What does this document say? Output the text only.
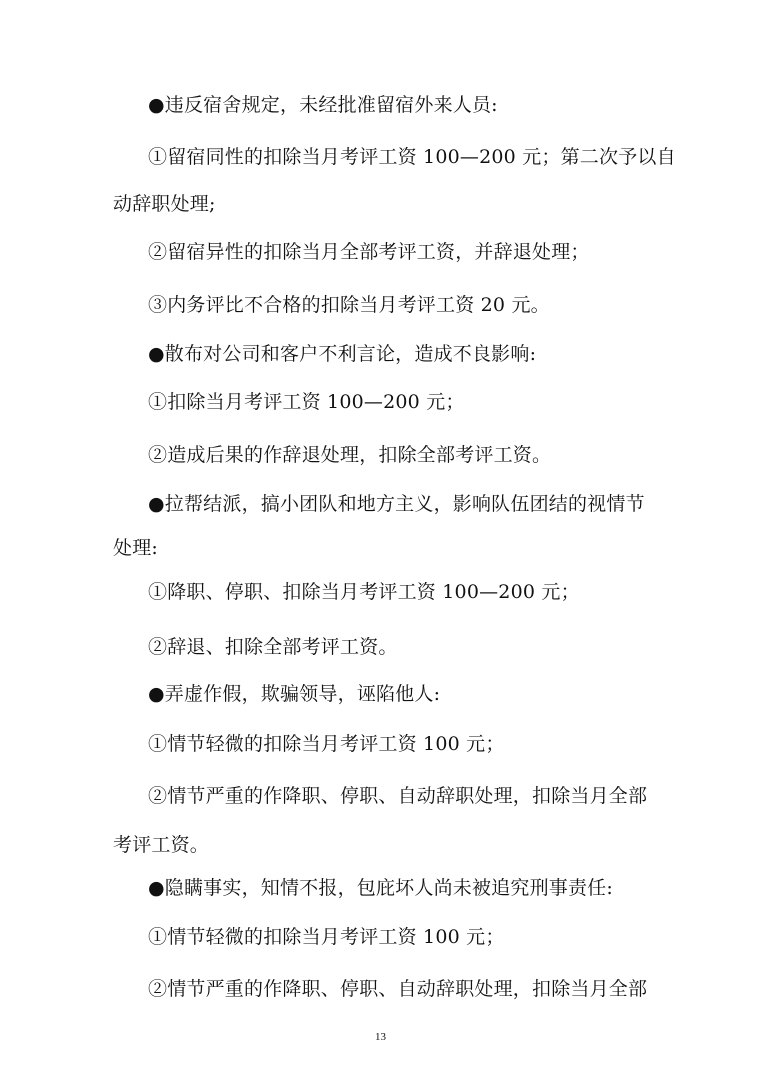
●违反宿舍规定，未经批准留宿外来人员:
①留宿同性的扣除当月考评工资 100—200 元；第二次予以自
动辞职处理;
②留宿异性的扣除当月全部考评工资，并辞退处理；
③内务评比不合格的扣除当月考评工资 20 元。
●散布对公司和客户不利言论，造成不良影响:
①扣除当月考评工资 100—200 元；
②造成后果的作辞退处理，扣除全部考评工资。
●拉帮结派，搞小团队和地方主义，影响队伍团结的视情节
处理:
①降职、停职、扣除当月考评工资 100—200 元；
②辞退、扣除全部考评工资。
●弄虚作假，欺骗领导，诬陷他人:
①情节轻微的扣除当月考评工资 100 元；
②情节严重的作降职、停职、自动辞职处理，扣除当月全部
考评工资。
●隐瞒事实，知情不报，包庇坏人尚未被追究刑事责任:
①情节轻微的扣除当月考评工资 100 元；
②情节严重的作降职、停职、自动辞职处理，扣除当月全部
13
